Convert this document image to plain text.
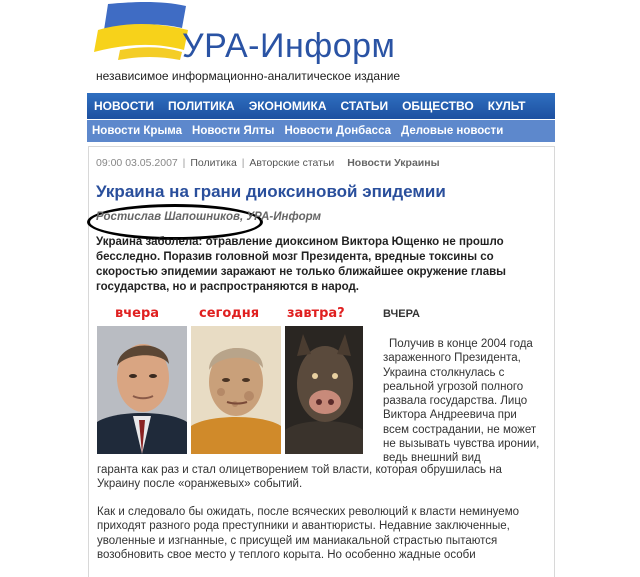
УРА-Информ
независимое информационно-аналитическое издание
НОВОСТИ ПОЛИТИКА ЭКОНОМИКА СТАТЬИ ОБЩЕСТВО КУЛЬТ
Новости Крыма Новости Ялты Новости Донбасса Деловые новости
09:00 03.05.2007 | Политика | Авторские статьи Новости Украины
Украина на грани диоксиновой эпидемии
Ростислав Шапошников, УРА-Информ
Украина заболела: отравление диоксином Виктора Ющенко не прошло бесследно. Поразив головной мозг Президента, вредные токсины со скоростью эпидемии заражают не только ближайшее окружение главы государства, но и распространяются в народ.
вчера	сегодня завтра?	ВЧЕРА
Получив в конце 2004 года зараженного Президента, Украина столкнулась с реальной угрозой полного развала государства. Лицо Виктора Андреевича при всем сострадании, не может не вызывать чувства иронии, ведь внешний вид
гаранта как раз и стал олицетворением той власти, которая обрушилась на Украину после «оранжевых» событий.
Как и следовало бы ожидать, после всяческих революций к власти неминуемо приходят разного рода преступники и авантюристы. Недавние заключенные, уволенные и изгнанные, с присущей им маниакальной страстью пытаются возобновить свое место у теплого корыта. Но особенно жадные особи
